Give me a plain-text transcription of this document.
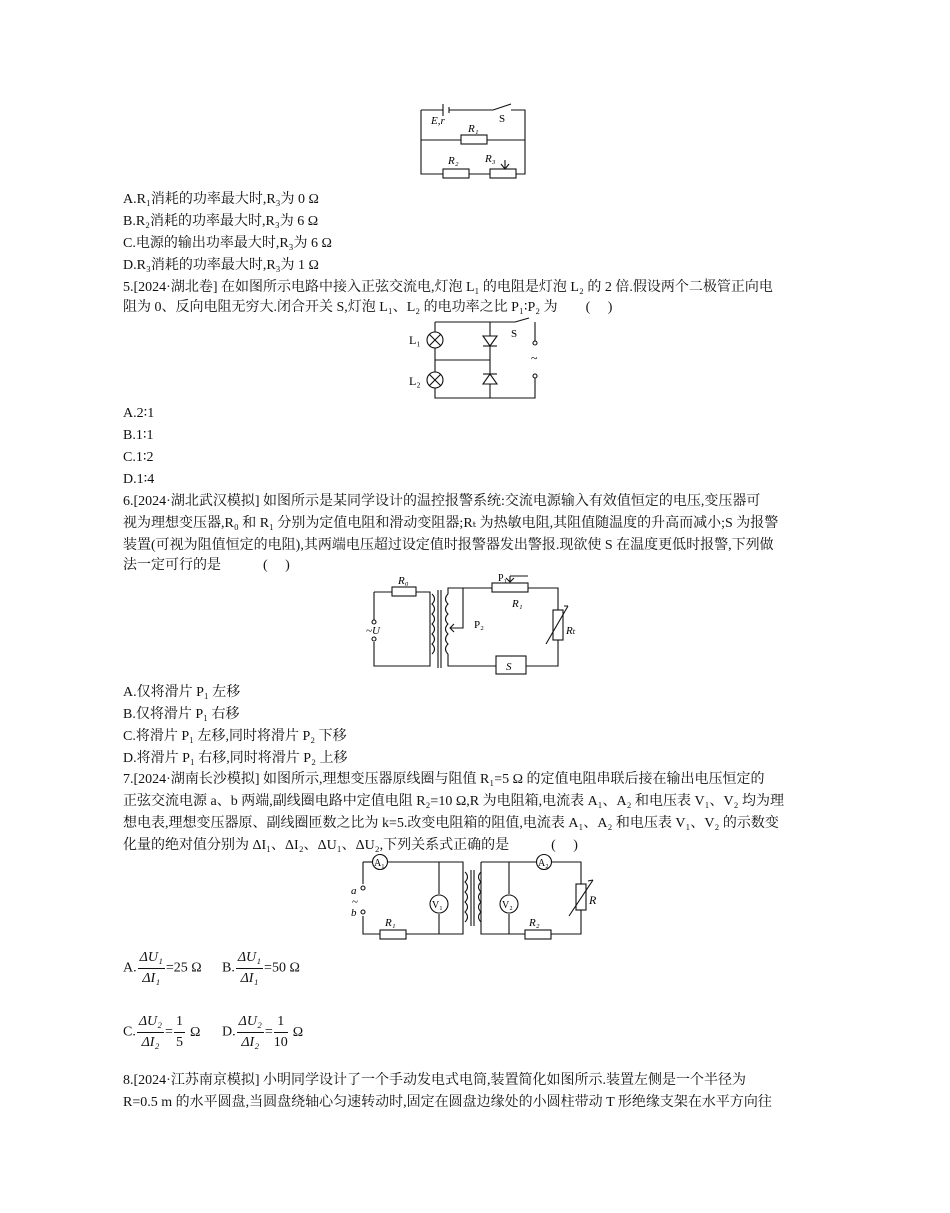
E,r
R₁
S
R₂ R₃
A.R₁消耗的功率最大时,R₃为 0 Ω
B.R₂消耗的功率最大时,R₃为 6 Ω
C.电源的输出功率最大时,R₃为 6 Ω
D.R₃消耗的功率最大时,R₃为 1 Ω
5.[2024·湖北卷] 在如图所示电路中接入正弦交流电,灯泡 L₁ 的电阻是灯泡 L₂ 的 2 倍.假设两个二极管正向电
阻为 0、反向电阻无穷大.闭合开关 S,灯泡 L₁、L₂ 的电功率之比 P₁∶P₂ 为　　(　 )
L₁
L₂
S
~
A.2∶1
B.1∶1
C.1∶2
D.1∶4
6.[2024·湖北武汉模拟] 如图所示是某同学设计的温控报警系统:交流电源输入有效值恒定的电压,变压器可
视为理想变压器,R₀ 和 R₁ 分别为定值电阻和滑动变阻器;Rₜ 为热敏电阻,其阻值随温度的升高而减小;S 为报警
装置(可视为阻值恒定的电阻),其两端电压超过设定值时报警器发出警报.现欲使 S 在温度更低时报警,下列做
法一定可行的是　　　(　 )
R₀	P₁
R₁
P₂
~U	Rₜ
S
A.仅将滑片 P₁ 左移
B.仅将滑片 P₁ 右移
C.将滑片 P₁ 左移,同时将滑片 P₂ 下移
D.将滑片 P₁ 右移,同时将滑片 P₂ 上移
7.[2024·湖南长沙模拟] 如图所示,理想变压器原线圈与阻值 R₁=5 Ω 的定值电阻串联后接在输出电压恒定的
正弦交流电源 a、b 两端,副线圈电路中定值电阻 R₂=10 Ω,R 为电阻箱,电流表 A₁、A₂ 和电压表 V₁、V₂ 均为理
想电表,理想变压器原、副线圈匝数之比为 k=5.改变电阻箱的阻值,电流表 A₁、A₂ 和电压表 V₁、V₂ 的示数变
化量的绝对值分别为 ΔI₁、ΔI₂、ΔU₁、ΔU₂,下列关系式正确的是　　　(　 )
A₁	A₂
V₁	V₂
a
~
b
R₁	R₂
R
A. $\frac{\text{ΔU₁}}{\text{ΔI₁}} =25$ Ω B. $\frac{\text{ΔU₁}}{\text{ΔI₁}} =50$ Ω
C. $\frac{\text{ΔU₂}}{\text{ΔI₂}} = \frac{1}{5}$ Ω D. $\frac{\text{ΔU₂}}{\text{ΔI₂}} = \frac{1}{10}$ Ω
8.[2024·江苏南京模拟] 小明同学设计了一个手动发电式电筒,装置简化如图所示.装置左侧是一个半径为
R=0.5 m 的水平圆盘,当圆盘绕轴心匀速转动时,固定在圆盘边缘处的小圆柱带动 T 形绝缘支架在水平方向往
